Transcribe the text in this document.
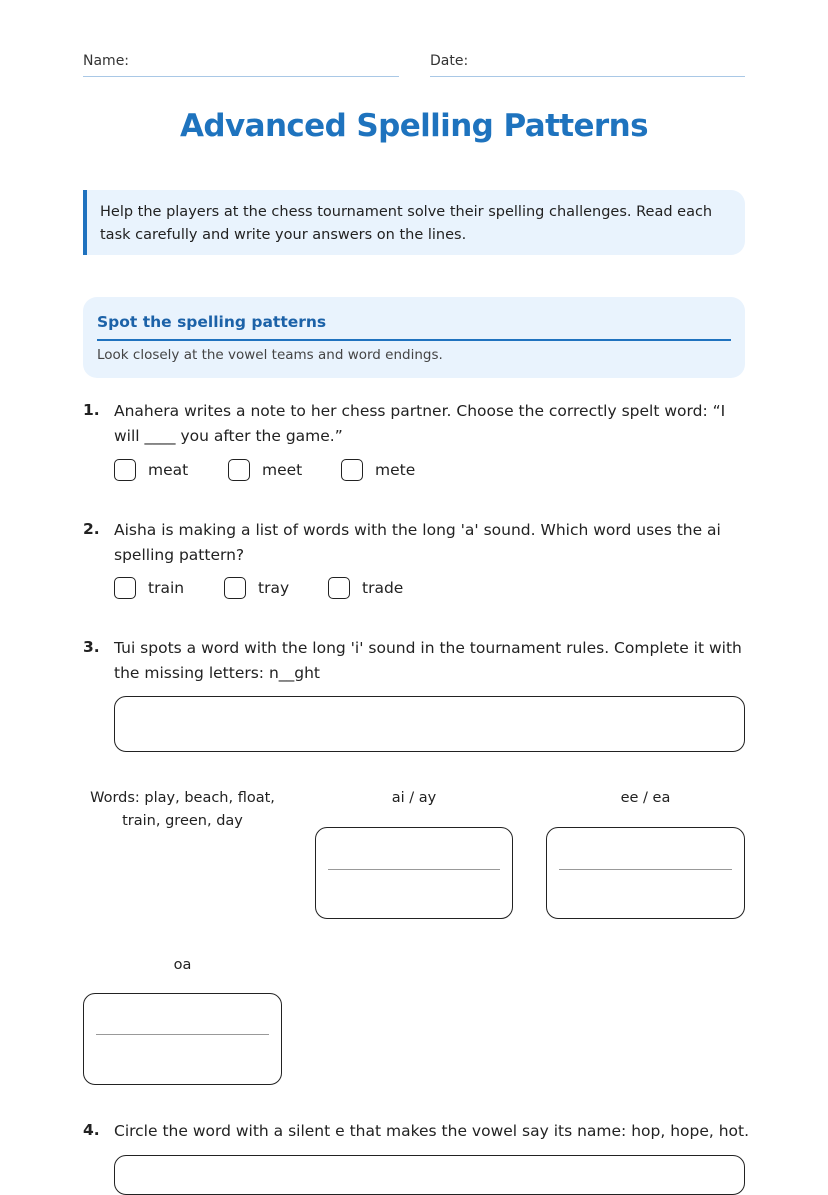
Name:	Date:
Advanced Spelling Patterns
Help the players at the chess tournament solve their spelling challenges. Read each task carefully and write your answers on the lines.
Spot the spelling patterns
Look closely at the vowel teams and word endings.
1. Anahera writes a note to her chess partner. Choose the correctly spelt word: “I will ____ you after the game.”
meat	meet	mete
2. Aisha is making a list of words with the long 'a' sound. Which word uses the ai spelling pattern?
train	tray	trade
3. Tui spots a word with the long 'i' sound in the tournament rules. Complete it with the missing letters: n__ght
Words: play, beach, float, train, green, day
ai / ay	ee / ea
oa
4. Circle the word with a silent e that makes the vowel say its name: hop, hope, hot.
